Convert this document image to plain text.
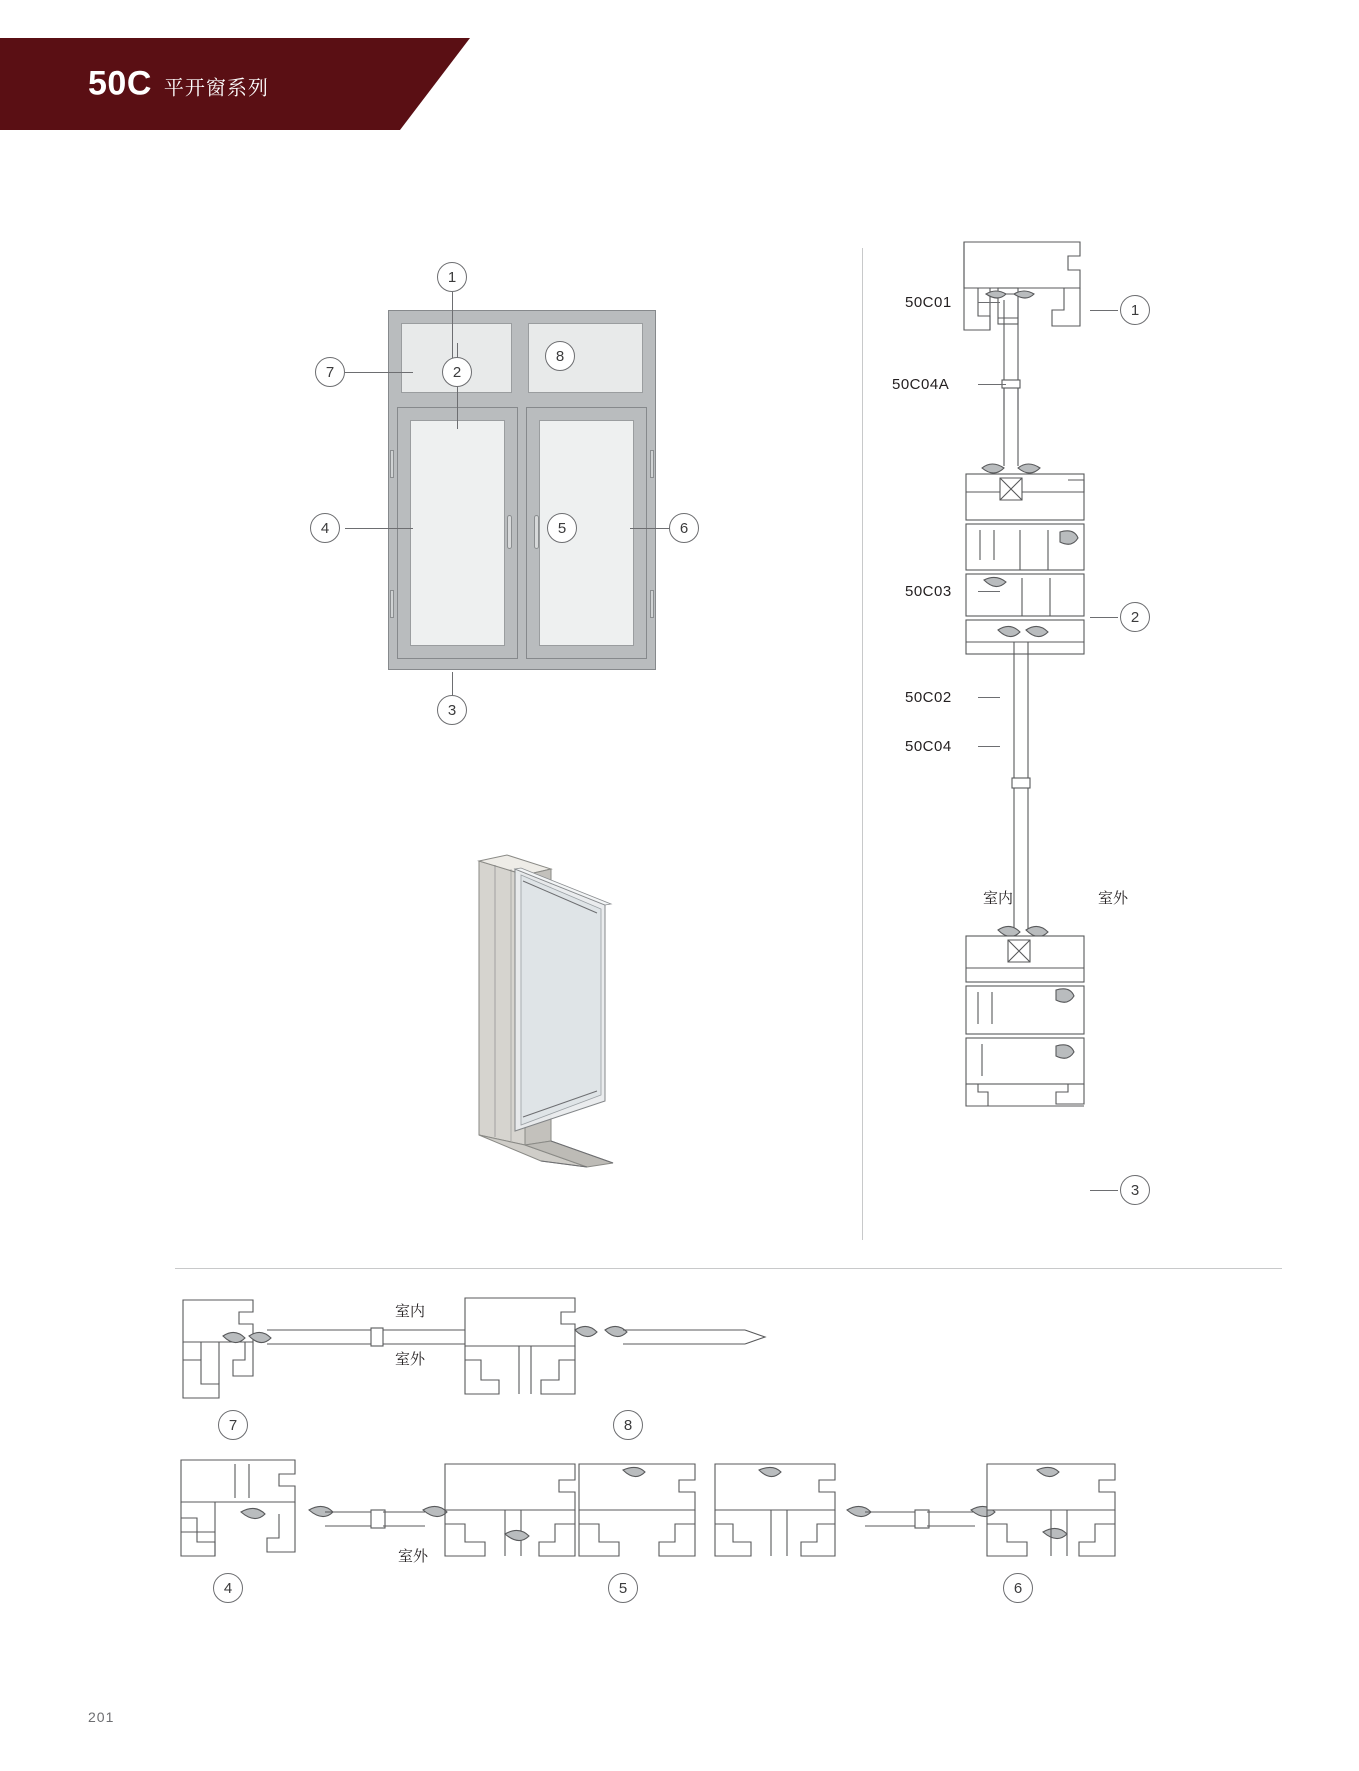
50C 平开窗系列
1
7
8
2
4	5	6
3
50C01
50C04A
50C03
50C02
50C04
1
2
3
室内	室外
室内
室外
7	8
室外
4	5	6
201
